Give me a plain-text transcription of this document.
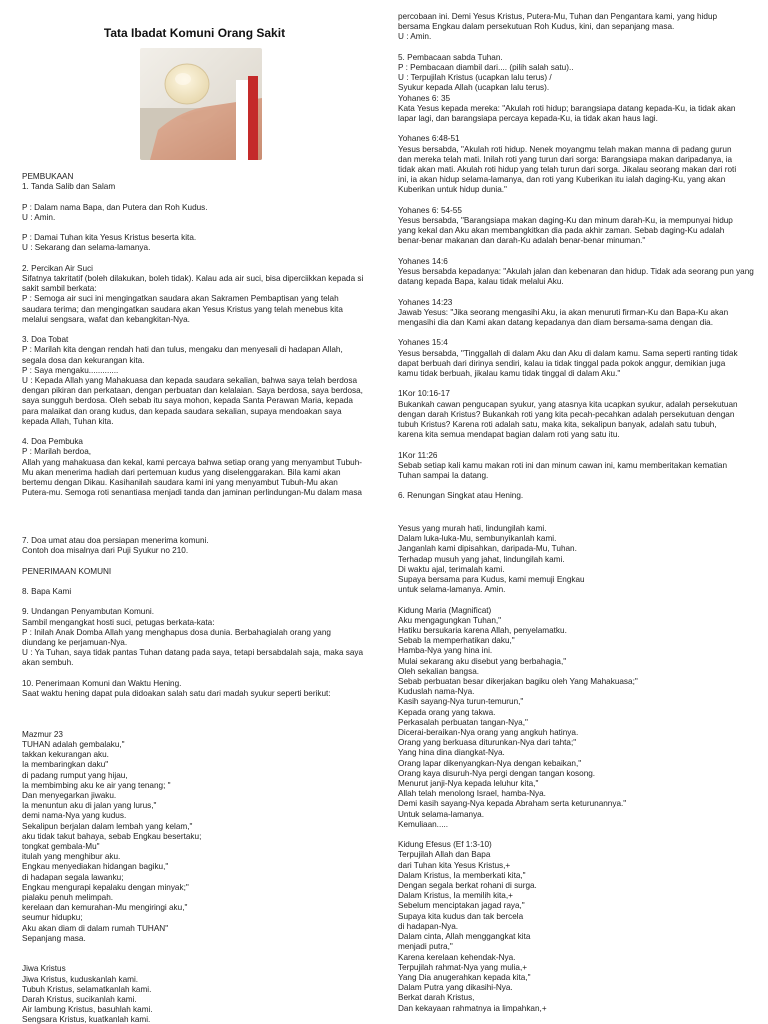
Tata Ibadat Komuni Orang Sakit
PEMBUKAAN
1. Tanda Salib dan Salam
P : Dalam nama Bapa, dan Putera dan Roh Kudus.
U : Amin.
P : Damai Tuhan kita Yesus Kristus beserta kita.
U : Sekarang dan selama-lamanya.
2. Percikan Air Suci
Sifatnya takritatif (boleh dilakukan, boleh tidak). Kalau ada air suci, bisa diperciikkan kepada si
sakit sambil berkata:
P : Semoga air suci ini mengingatkan saudara akan Sakramen Pembaptisan yang telah
saudara terima; dan mengingatkan saudara akan Yesus Kristus yang telah menebus kita
melalui sengsara, wafat dan kebangkitan-Nya.
3. Doa Tobat
P : Marilah kita dengan rendah hati dan tulus, mengaku dan menyesali di hadapan Allah,
segala dosa dan kekurangan kita.
P : Saya mengaku.............
U : Kepada Allah yang Mahakuasa dan kepada saudara sekalian, bahwa saya telah berdosa
dengan pikiran dan perkataan, dengan perbuatan dan kelalaian. Saya berdosa, saya berdosa,
saya sungguh berdosa. Oleh sebab itu saya mohon, kepada Santa Perawan Maria, kepada
para malaikat dan orang kudus, dan kepada saudara sekalian, supaya mendoakan saya
kepada Allah, Tuhan kita.
4. Doa Pembuka
P : Marilah berdoa,
Allah yang mahakuasa dan kekal, kami percaya bahwa setiap orang yang menyambut Tubuh-
Mu akan menerima hadiah dari pertemuan kudus yang diselenggarakan. Bila kami akan
bertemu dengan Dikau. Kasihanilah saudara kami ini yang menyambut Tubuh-Mu akan
Putera-mu. Semoga roti senantiasa menjadi tanda dan jaminan perlindungan-Mu dalam masa
percobaan ini. Demi Yesus Kristus, Putera-Mu, Tuhan dan Pengantara kami, yang hidup
bersama Engkau dalam persekutuan Roh Kudus, kini, dan sepanjang masa.
U : Amin.
5. Pembacaan sabda Tuhan.
P : Pembacaan diambil dari.... (pilih salah satu)..
U : Terpujilah Kristus (ucapkan lalu terus) /
Syukur kepada Allah (ucapkan lalu terus).
Yohanes 6: 35
Kata Yesus kepada mereka: "Akulah roti hidup; barangsiapa datang kepada-Ku, ia tidak akan
lapar lagi, dan barangsiapa percaya kepada-Ku, ia tidak akan haus lagi.
Yohanes 6:48-51
Yesus bersabda, "Akulah roti hidup. Nenek moyangmu telah makan manna di padang gurun
dan mereka telah mati. Inilah roti yang turun dari sorga: Barangsiapa makan daripadanya, ia
tidak akan mati. Akulah roti hidup yang telah turun dari sorga. Jikalau seorang makan dari roti
ini, ia akan hidup selama-lamanya, dan roti yang Kuberikan itu ialah daging-Ku, yang akan
Kuberikan untuk hidup dunia."
Yohanes 6: 54-55
Yesus bersabda, "Barangsiapa makan daging-Ku dan minum darah-Ku, ia mempunyai hidup
yang kekal dan Aku akan membangkitkan dia pada akhir zaman. Sebab daging-Ku adalah
benar-benar makanan dan darah-Ku adalah benar-benar minuman."
Yohanes 14:6
Yesus bersabda kepadanya: "Akulah jalan dan kebenaran dan hidup. Tidak ada seorang pun yang
datang kepada Bapa, kalau tidak melalui Aku.
Yohanes 14:23
Jawab Yesus: "Jika seorang mengasihi Aku, ia akan menuruti firman-Ku dan Bapa-Ku akan
mengasihi dia dan Kami akan datang kepadanya dan diam bersama-sama dengan dia.
Yohanes 15:4
Yesus bersabda, "Tinggallah di dalam Aku dan Aku di dalam kamu. Sama seperti ranting tidak
dapat berbuah dari dirinya sendiri, kalau ia tidak tinggal pada pokok anggur, demikian juga
kamu tidak berbuah, jikalau kamu tidak tinggal di dalam Aku."
1Kor 10:16-17
Bukankah cawan pengucapan syukur, yang atasnya kita ucapkan syukur, adalah persekutuan
dengan darah Kristus? Bukankah roti yang kita pecah-pecahkan adalah persekutuan dengan
tubuh Kristus? Karena roti adalah satu, maka kita, sekalipun banyak, adalah satu tubuh,
karena kita semua mendapat bagian dalam roti yang satu itu.
1Kor 11:26
Sebab setiap kali kamu makan roti ini dan minum cawan ini, kamu memberitakan kematian
Tuhan sampai Ia datang.
6. Renungan Singkat atau Hening.
7. Doa umat atau doa persiapan menerima komuni.
Contoh doa misalnya dari Puji Syukur no 210.
PENERIMAAN KOMUNI
8. Bapa Kami
9. Undangan Penyambutan Komuni.
Sambil mengangkat hosti suci, petugas berkata-kata:
P : Inilah Anak Domba Allah yang menghapus dosa dunia. Berbahagialah orang yang
diundang ke perjamuan-Nya.
U : Ya Tuhan, saya tidak pantas Tuhan datang pada saya, tetapi bersabdalah saja, maka saya
akan sembuh.
10. Penerimaan Komuni dan Waktu Hening.
Saat waktu hening dapat pula didoakan salah satu dari madah syukur seperti berikut:
Mazmur 23
TUHAN adalah gembalaku,"
takkan kekurangan aku.
Ia membaringkan daku"
di padang rumput yang hijau,
Ia membimbing aku ke air yang tenang; "
Dan menyegarkan jiwaku.
Ia menuntun aku di jalan yang lurus,"
demi nama-Nya yang kudus.
Sekalipun berjalan dalam lembah yang kelam,"
aku tidak takut bahaya, sebab Engkau besertaku;
tongkat gembala-Mu"
itulah yang menghibur aku.
Engkau menyediakan hidangan bagiku,"
di hadapan segala lawanku;
Engkau mengurapi kepalaku dengan minyak;"
pialaku penuh melimpah.
kerelaan dan kemurahan-Mu mengiringi aku,"
seumur hidupku;
Aku akan diam di dalam rumah TUHAN"
Sepanjang masa.
Jiwa Kristus
Jiwa Kristus, kuduskanlah kami.
Tubuh Kristus, selamatkanlah kami.
Darah Kristus, sucikanlah kami.
Air lambung Kristus, basuhlah kami.
Sengsara Kristus, kuatkanlah kami.
Yesus yang murah hati, lindungilah kami.
Dalam luka-luka-Mu, sembunyikanlah kami.
Janganlah kami dipisahkan, daripada-Mu, Tuhan.
Terhadap musuh yang jahat, lindungilah kami.
Di waktu ajal, terimalah kami.
Supaya bersama para Kudus, kami memuji Engkau
untuk selama-lamanya. Amin.
Kidung Maria (Magnificat)
Aku mengagungkan Tuhan,"
Hatiku bersukaria karena Allah, penyelamatku.
Sebab Ia memperhatikan daku,"
Hamba-Nya yang hina ini.
Mulai sekarang aku disebut yang berbahagia,"
Oleh sekalian bangsa.
Sebab perbuatan besar dikerjakan bagiku oleh Yang Mahakuasa;"
Kuduslah nama-Nya.
Kasih sayang-Nya turun-temurun,"
Kepada orang yang takwa.
Perkasalah perbuatan tangan-Nya,"
Dicerai-beraikan-Nya orang yang angkuh hatinya.
Orang yang berkuasa diturunkan-Nya dari tahta;"
Yang hina dina diangkat-Nya.
Orang lapar dikenyangkan-Nya dengan kebaikan,"
Orang kaya disuruh-Nya pergi dengan tangan kosong.
Menurut janji-Nya kepada leluhur kita,"
Allah telah menolong Israel, hamba-Nya.
Demi kasih sayang-Nya kepada Abraham serta keturunannya."
Untuk selama-lamanya.
Kemuliaan.....
Kidung Efesus (Ef 1:3-10)
Terpujilah Allah dan Bapa
dari Tuhan kita Yesus Kristus,+
Dalam Kristus, Ia memberkati kita,"
Dengan segala berkat rohani di surga.
Dalam Kristus, Ia memilih kita,+
Sebelum menciptakan jagad raya,"
Supaya kita kudus dan tak bercela
di hadapan-Nya.
Dalam cinta, Allah menggangkat kita
menjadi putra,"
Karena kerelaan kehendak-Nya.
Terpujilah rahmat-Nya yang mulia,+
Yang Dia anugerahkan kepada kita,"
Dalam Putra yang dikasihi-Nya.
Berkat darah Kristus,
Dan kekayaan rahmatnya ia limpahkan,+
